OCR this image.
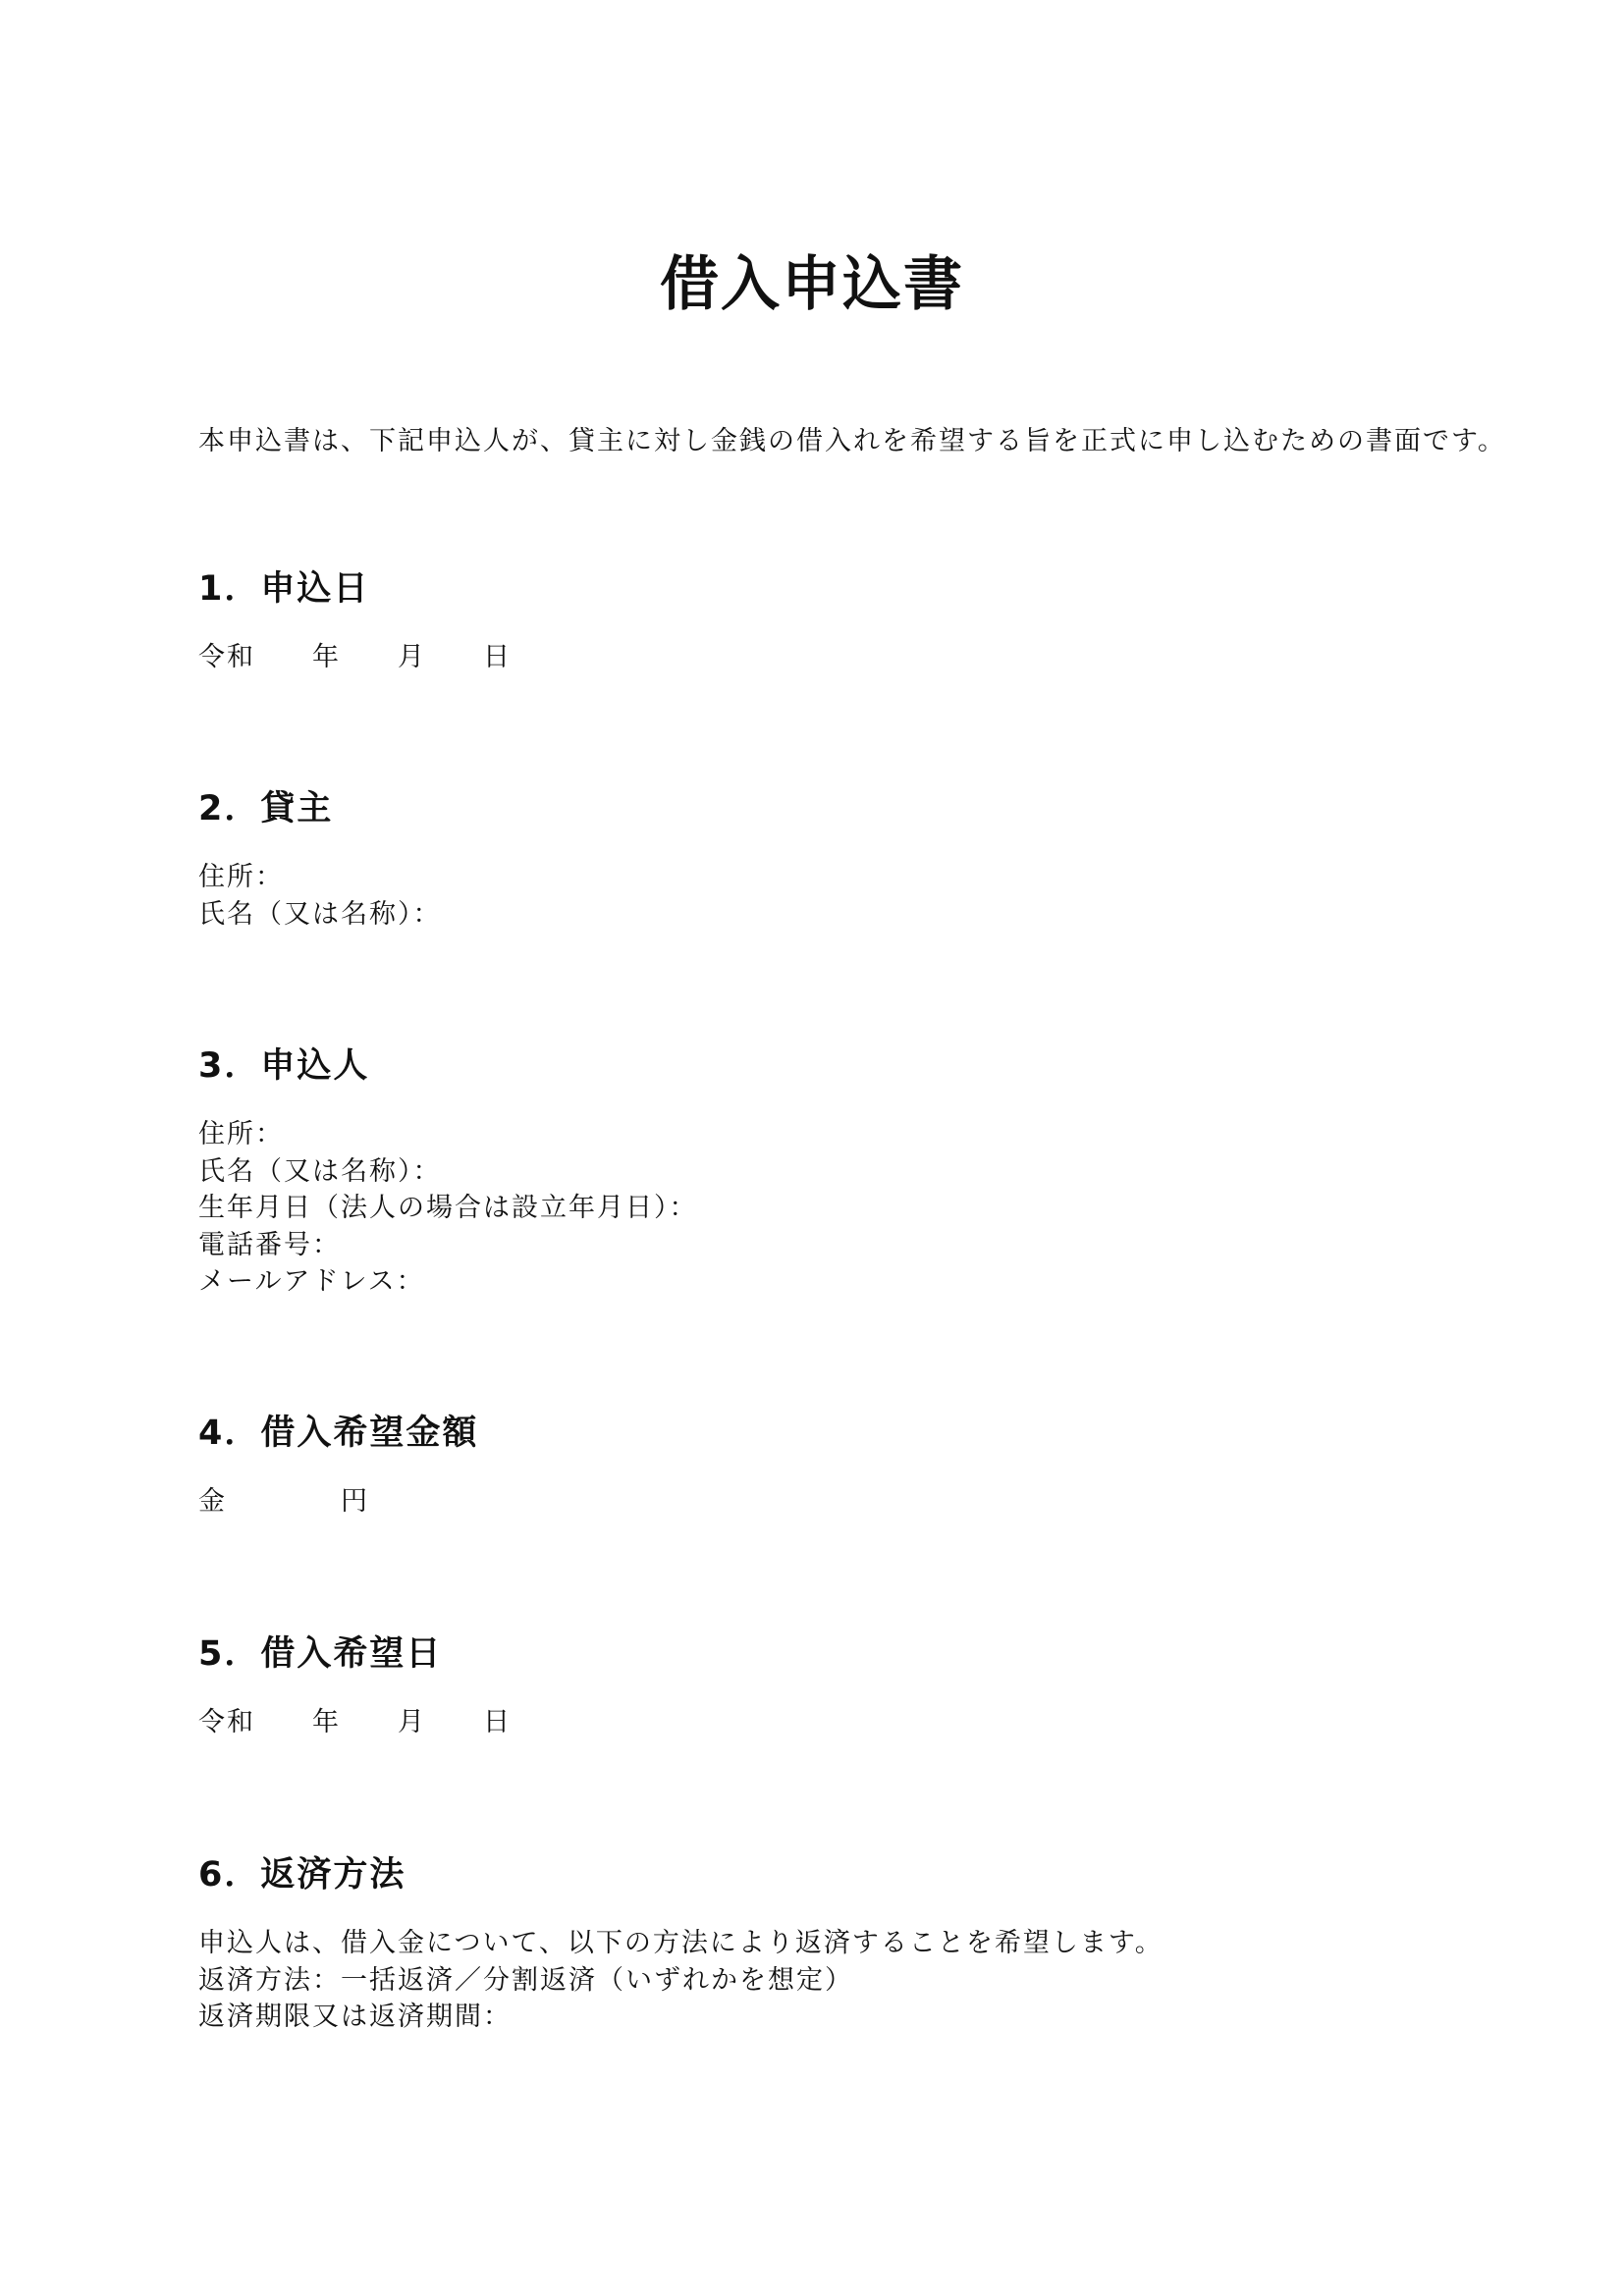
借入申込書

本申込書は、下記申込人が、貸主に対し金銭の借入れを希望する旨を正式に申し込むための書面です。

1．申込日

令和　　年　　月　　日

2．貸主

住所：

氏名（又は名称）：

3．申込人

住所：

氏名（又は名称）：

生年月日（法人の場合は設立年月日）：

電話番号：

メールアドレス：

4．借入希望金額

金　　　　円

5．借入希望日

令和　　年　　月　　日

6．返済方法

申込人は、借入金について、以下の方法により返済することを希望します。

返済方法：一括返済／分割返済（いずれかを想定）

返済期限又は返済期間：
